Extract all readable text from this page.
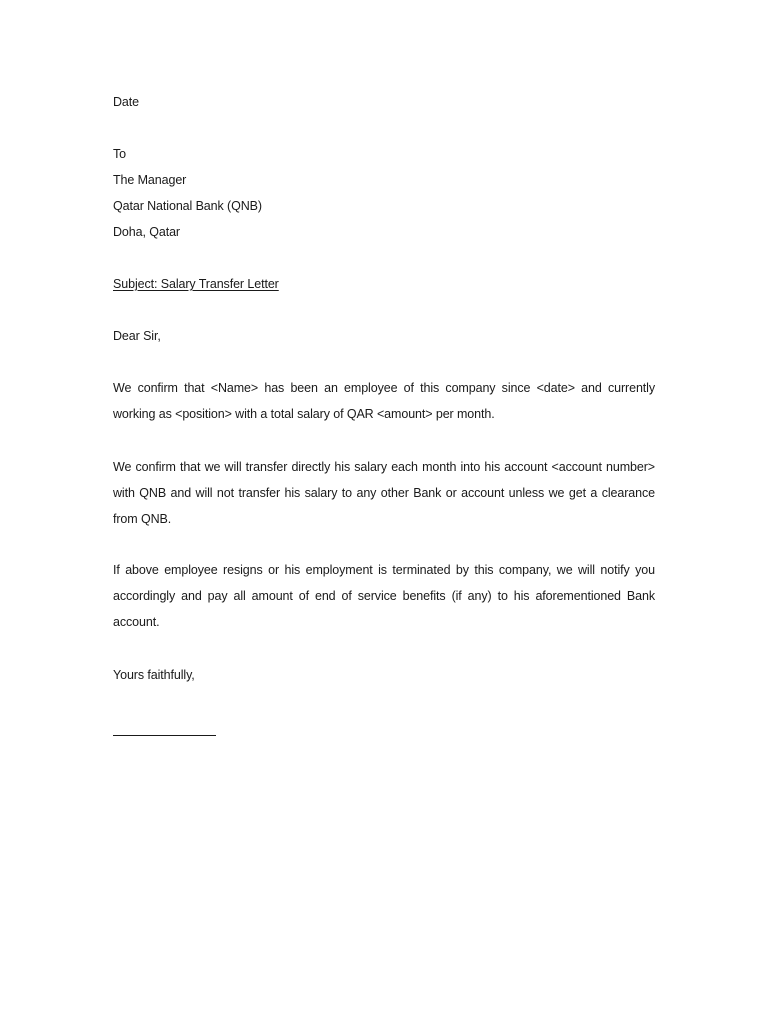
Date
To
The Manager
Qatar National Bank (QNB)
Doha, Qatar
Subject: Salary Transfer Letter
Dear Sir,
We confirm that <Name> has been an employee of this company since <date> and currently working as <position> with a total salary of QAR <amount> per month.
We confirm that we will transfer directly his salary each month into his account <account number> with QNB and will not transfer his salary to any other Bank or account unless we get a clearance from QNB.
If above employee resigns or his employment is terminated by this company, we will notify you accordingly and pay all amount of end of service benefits (if any) to his aforementioned Bank account.
Yours faithfully,
